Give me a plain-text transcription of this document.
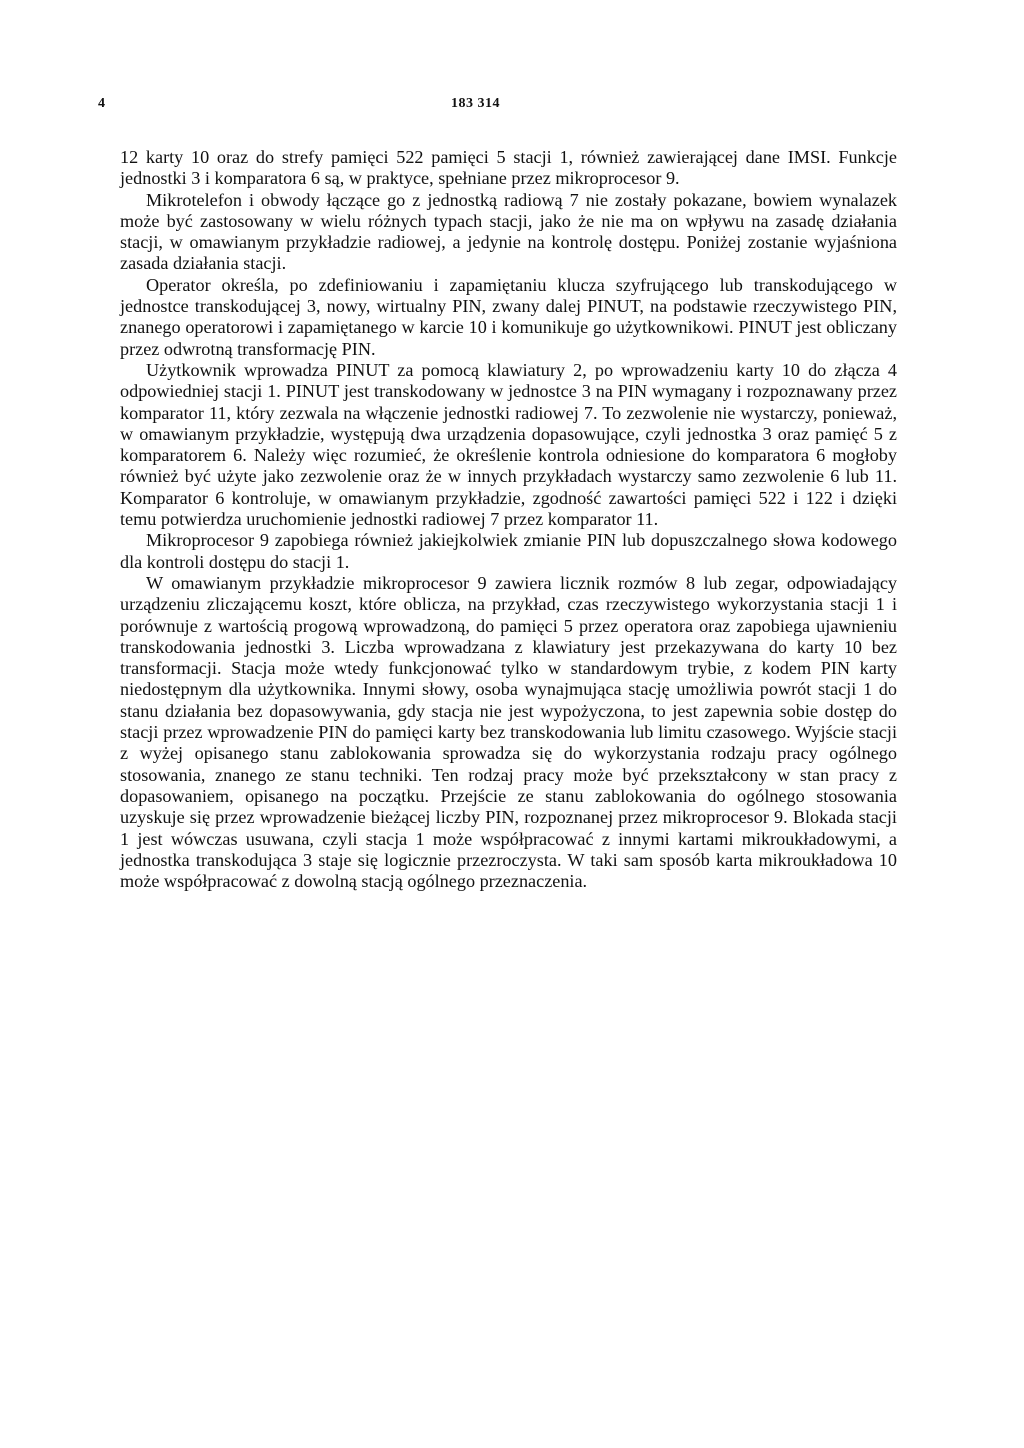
4	183 314

12 karty 10 oraz do strefy pamięci 522 pamięci 5 stacji 1, również zawierającej dane IMSI. Funkcje jednostki 3 i komparatora 6 są, w praktyce, spełniane przez mikroprocesor 9.

Mikrotelefon i obwody łączące go z jednostką radiową 7 nie zostały pokazane, bowiem wynalazek może być zastosowany w wielu różnych typach stacji, jako że nie ma on wpływu na zasadę działania stacji, w omawianym przykładzie radiowej, a jedynie na kontrolę dostępu. Poniżej zostanie wyjaśniona zasada działania stacji.

Operator określa, po zdefiniowaniu i zapamiętaniu klucza szyfrującego lub transkodującego w jednostce transkodującej 3, nowy, wirtualny PIN, zwany dalej PINUT, na podstawie rzeczywistego PIN, znanego operatorowi i zapamiętanego w karcie 10 i komunikuje go użytkownikowi. PINUT jest obliczany przez odwrotną transformację PIN.

Użytkownik wprowadza PINUT za pomocą klawiatury 2, po wprowadzeniu karty 10 do złącza 4 odpowiedniej stacji 1. PINUT jest transkodowany w jednostce 3 na PIN wymagany i rozpoznawany przez komparator 11, który zezwala na włączenie jednostki radiowej 7. To zezwolenie nie wystarczy, ponieważ, w omawianym przykładzie, występują dwa urządzenia dopasowujące, czyli jednostka 3 oraz pamięć 5 z komparatorem 6. Należy więc rozumieć, że określenie kontrola odniesione do komparatora 6 mogłoby również być użyte jako zezwolenie oraz że w innych przykładach wystarczy samo zezwolenie 6 lub 11. Komparator 6 kontroluje, w omawianym przykładzie, zgodność zawartości pamięci 522 i 122 i dzięki temu potwierdza uruchomienie jednostki radiowej 7 przez komparator 11.

Mikroprocesor 9 zapobiega również jakiejkolwiek zmianie PIN lub dopuszczalnego słowa kodowego dla kontroli dostępu do stacji 1.

W omawianym przykładzie mikroprocesor 9 zawiera licznik rozmów 8 lub zegar, odpowiadający urządzeniu zliczającemu koszt, które oblicza, na przykład, czas rzeczywistego wykorzystania stacji 1 i porównuje z wartością progową wprowadzoną, do pamięci 5 przez operatora oraz zapobiega ujawnieniu transkodowania jednostki 3. Liczba wprowadzana z klawiatury jest przekazywana do karty 10 bez transformacji. Stacja może wtedy funkcjonować tylko w standardowym trybie, z kodem PIN karty niedostępnym dla użytkownika. Innymi słowy, osoba wynajmująca stację umożliwia powrót stacji 1 do stanu działania bez dopasowywania, gdy stacja nie jest wypożyczona, to jest zapewnia sobie dostęp do stacji przez wprowadzenie PIN do pamięci karty bez transkodowania lub limitu czasowego. Wyjście stacji z wyżej opisanego stanu zablokowania sprowadza się do wykorzystania rodzaju pracy ogólnego stosowania, znanego ze stanu techniki. Ten rodzaj pracy może być przekształcony w stan pracy z dopasowaniem, opisanego na początku. Przejście ze stanu zablokowania do ogólnego stosowania uzyskuje się przez wprowadzenie bieżącej liczby PIN, rozpoznanej przez mikroprocesor 9. Blokada stacji 1 jest wówczas usuwana, czyli stacja 1 może współpracować z innymi kartami mikroukładowymi, a jednostka transkodująca 3 staje się logicznie przezroczysta. W taki sam sposób karta mikroukładowa 10 może współpracować z dowolną stacją ogólnego przeznaczenia.
